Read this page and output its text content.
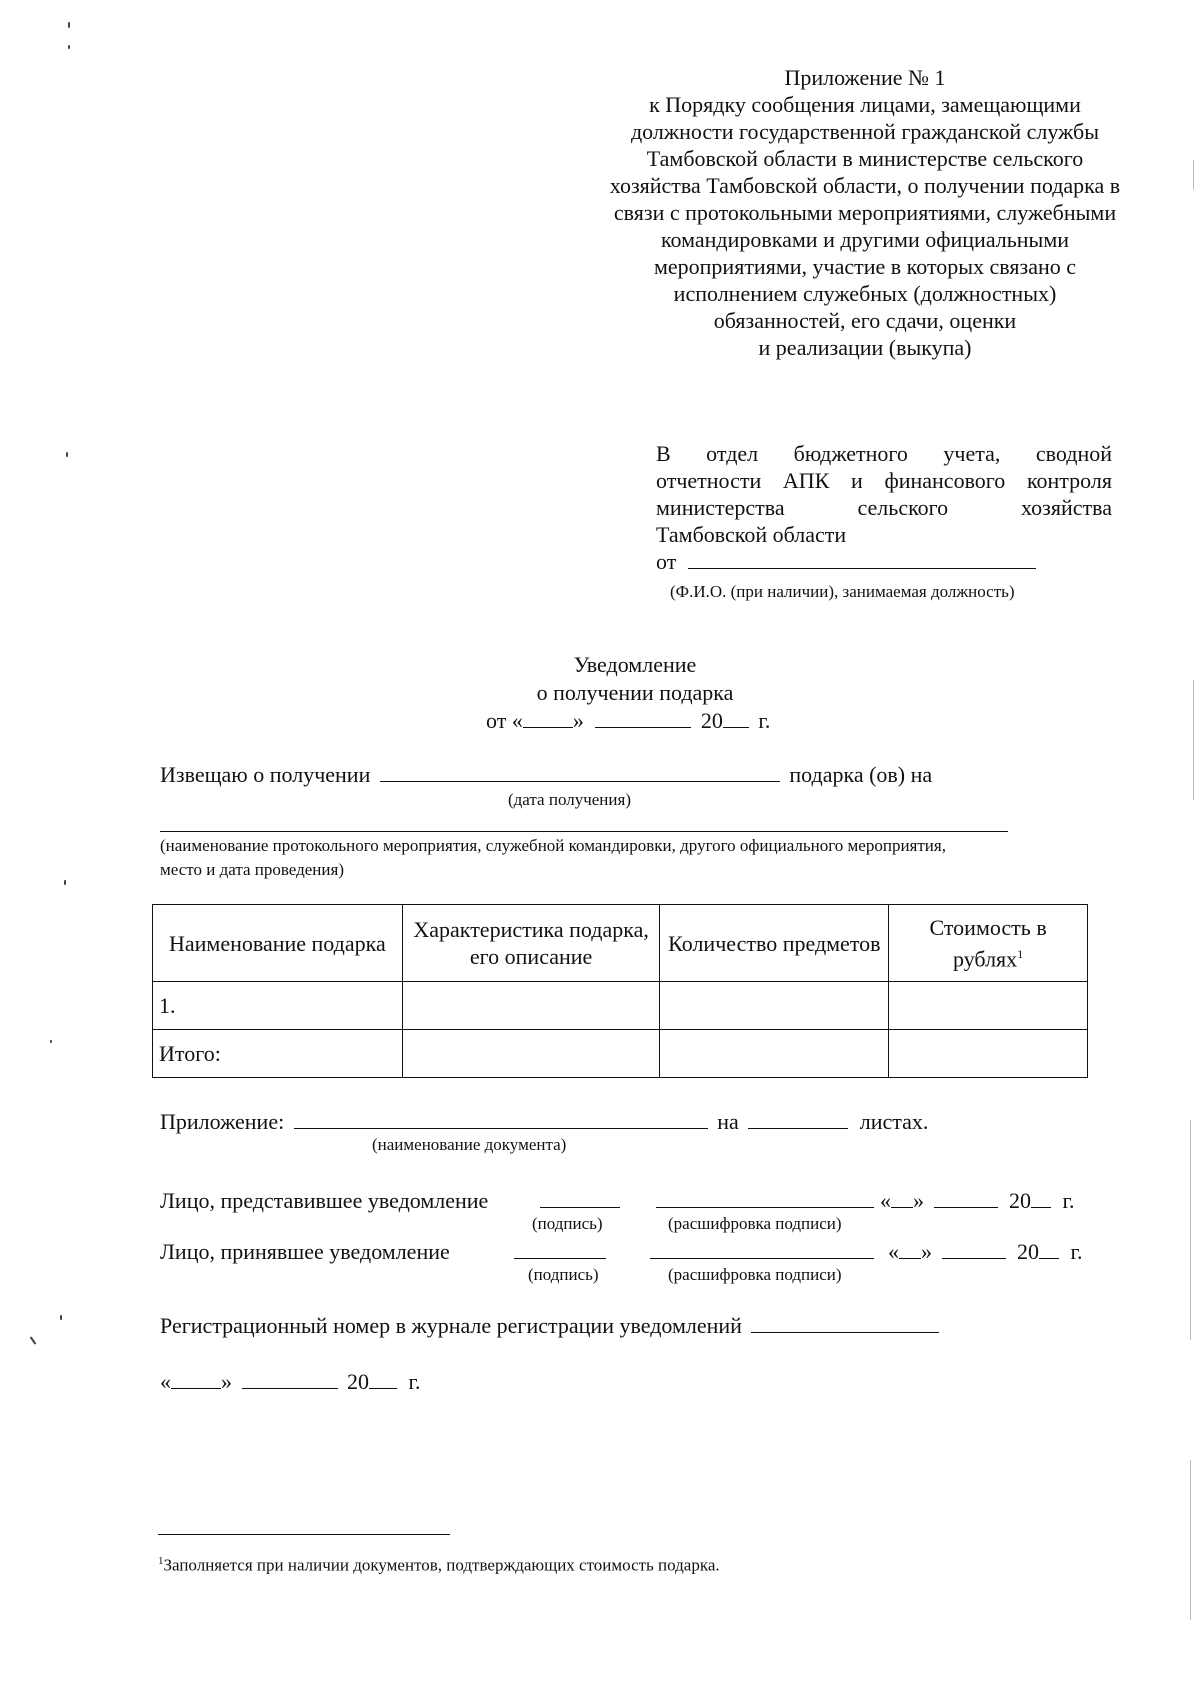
Приложение № 1
к Порядку сообщения лицами, замещающими
должности государственной гражданской службы
Тамбовской области в министерстве сельского
хозяйства Тамбовской области, о получении подарка в
связи с протокольными мероприятиями, служебными
командировками и другими официальными
мероприятиями, участие в которых связано с
исполнением служебных (должностных)
обязанностей, его сдачи, оценки
и реализации (выкупа)
В отдел бюджетного учета, сводной
отчетности АПК и финансового контроля
министерства сельского хозяйства
Тамбовской области
от
(Ф.И.О. (при наличии), занимаемая должность)
Уведомление
о получении подарка
от « »	20 г.
Извещаю о получении	подарка (ов) на
(дата получения)
(наименование протокольного мероприятия, служебной командировки, другого официального мероприятия,
место и дата проведения)
Наименование подарка	Характеристика подарка, его описание	Количество предметов	Стоимость в рублях$^1$
1.			
Итого:			
Приложение:	на	листах.
(наименование документа)
Лицо, представившее уведомление	« »	20 г.
(подпись)	(расшифровка подписи)
Лицо, принявшее уведомление	« »	20 г.
(подпись)	(расшифровка подписи)
Регистрационный номер в журнале регистрации уведомлений
« »	20 г.
$^1$Заполняется при наличии документов, подтверждающих стоимость подарка.
